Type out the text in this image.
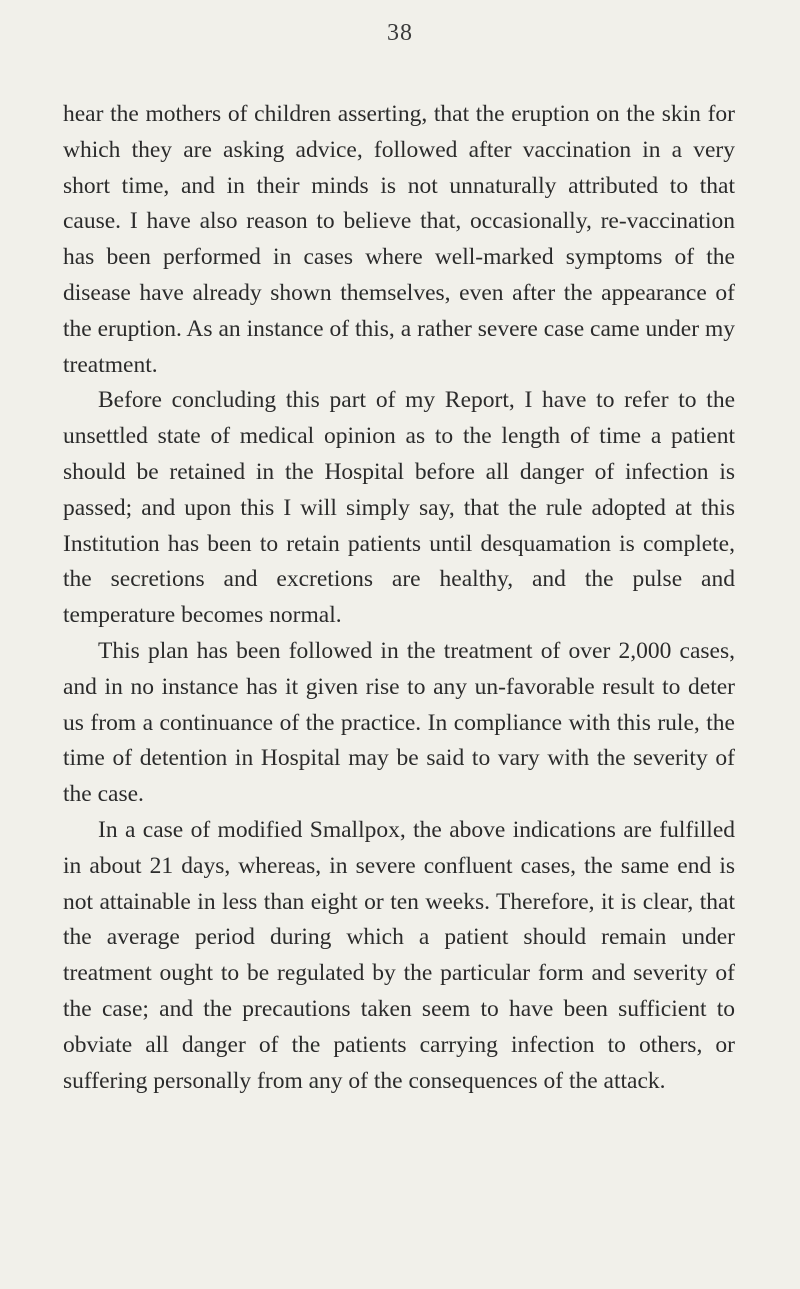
38

hear the mothers of children asserting, that the eruption on the skin for which they are asking advice, followed after vaccination in a very short time, and in their minds is not unnaturally attributed to that cause. I have also reason to believe that, occasionally, re-vaccination has been performed in cases where well-marked symptoms of the disease have already shown themselves, even after the appearance of the eruption. As an instance of this, a rather severe case came under my treatment.

Before concluding this part of my Report, I have to refer to the unsettled state of medical opinion as to the length of time a patient should be retained in the Hospital before all danger of infection is passed; and upon this I will simply say, that the rule adopted at this Institution has been to retain patients until desquamation is complete, the secretions and excretions are healthy, and the pulse and temperature becomes normal.

This plan has been followed in the treatment of over 2,000 cases, and in no instance has it given rise to any un-favorable result to deter us from a continuance of the practice. In compliance with this rule, the time of detention in Hospital may be said to vary with the severity of the case.

In a case of modified Smallpox, the above indications are fulfilled in about 21 days, whereas, in severe confluent cases, the same end is not attainable in less than eight or ten weeks. Therefore, it is clear, that the average period during which a patient should remain under treatment ought to be regulated by the particular form and severity of the case; and the precautions taken seem to have been sufficient to obviate all danger of the patients carrying infection to others, or suffering personally from any of the consequences of the attack.
